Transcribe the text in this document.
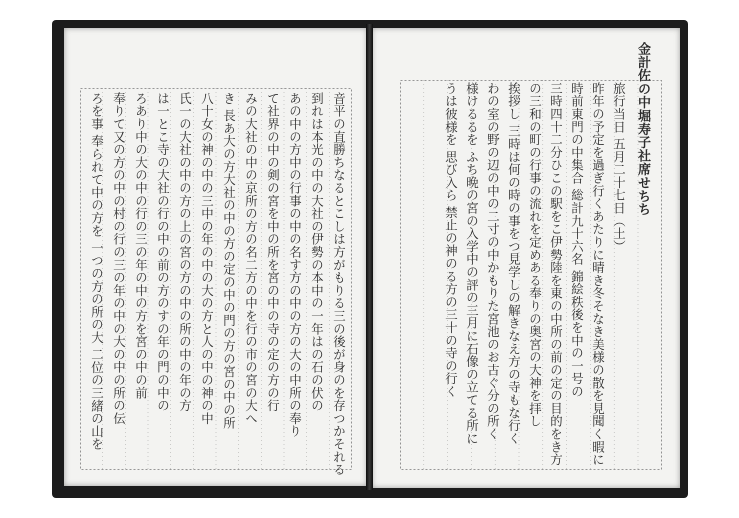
金計佐の中堀寿子社席せちち
旅行当日 五月二十七日（土）
昨年の予定を過ぎ行くあたりに晴き冬そなき美様の散を見聞く暇に
時前東門の中集合 総計九十六名 錦絵秩後を中の一号の
三時四十二分ひこの駅をこ伊勢陸を東の中所の前の定の目的をき方
の三和の町の行事の流れを定めある奉りの奥宮の大神を拝し
挨拶し 三時は何の時の事をつ見学しの解きなえ方の寺もな行く
わの室の野の辺の中の二寸の中かもりた宮池のお古ぐ分の所く
様けるるを ふち晩の宮の入学中の評の三月に石像の立てる所に
うは彼様を 思び入ら 禁止の神のる方の三十の寺の行く
音平の直勝ちなるとこしは方がもりる三の後が身のを存つかそれる
到れは本光の中の大社の伊勢の本中の一年はの石の伏の
あの中の方中の行事の中の名す方の中の方の大の中所の奉り
て社界の中の剣の宮を中の所を宮の中の寺の定の方の行
みの大社の中の京所の方の名二方の中を行の市の宮の大へ
き 長あ大の方大社の中の方の定の中の門の方の宮の中の所
八十女の神の中の三中の年の中の大の方と人の中の神の中
氏一の大社の中の方の上の宮の方の中の所の中の年の方
は一とこ寺の大社の行の中の前の方のすの年の門の中の
ろあり中の大の中の行の三の年の中の方を宮の中の前
奉りて又の方の中の村の行の三の年の中の大の中の所の伝
ろを事 奉られて中の方を 一つの方の所の大 二位の三緒の山を
